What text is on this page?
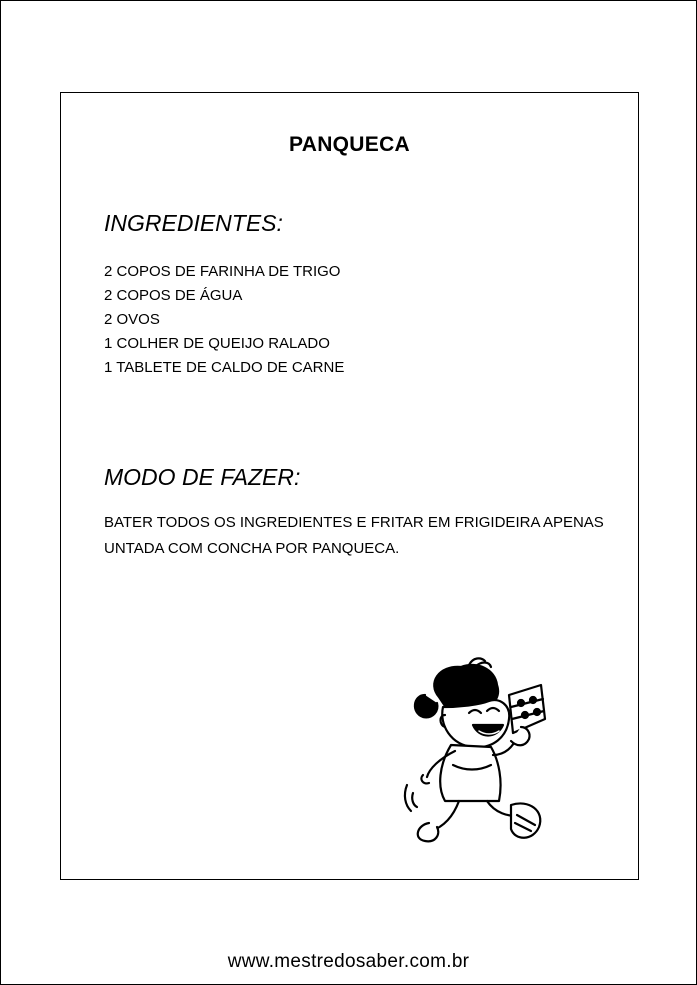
PANQUECA
INGREDIENTES:
2 COPOS DE FARINHA DE TRIGO
2 COPOS DE ÁGUA
2 OVOS
1 COLHER DE QUEIJO RALADO
1 TABLETE DE CALDO DE CARNE
MODO DE FAZER:
BATER TODOS OS INGREDIENTES E FRITAR EM FRIGIDEIRA APENAS
UNTADA COM CONCHA POR PANQUECA.
www.mestredosaber.com.br
